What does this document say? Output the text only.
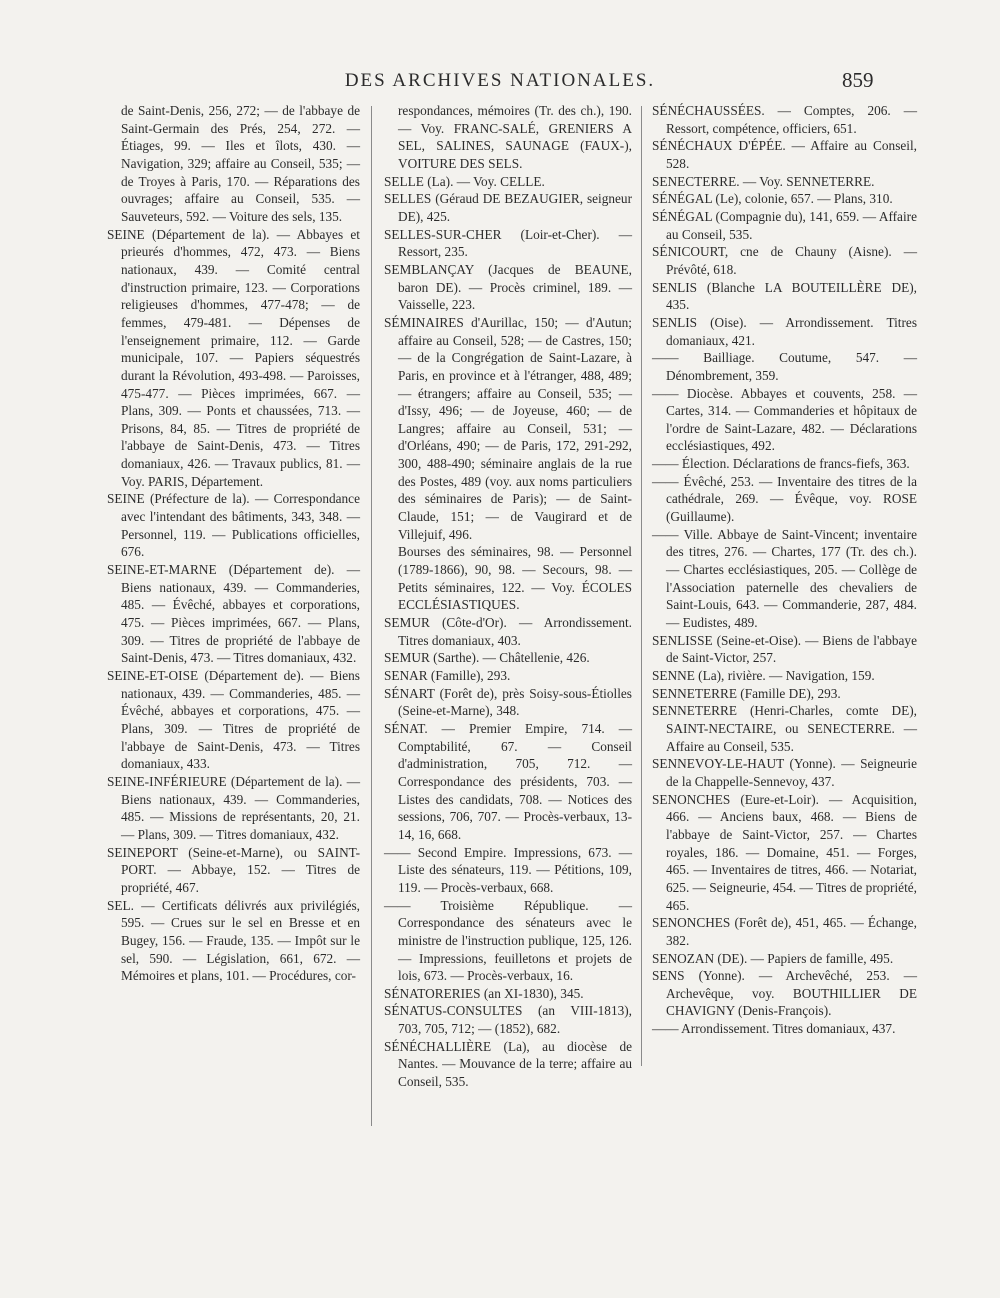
DES ARCHIVES NATIONALES.	859

de Saint-Denis, 256, 272; — de l'abbaye de Saint-Germain des Prés, 254, 272. — Étiages, 99. — Iles et îlots, 430. — Navigation, 329; affaire au Conseil, 535; — de Troyes à Paris, 170. — Réparations des ouvrages; affaire au Conseil, 535. — Sauveteurs, 592. — Voiture des sels, 135.

SEINE (Département de la). — Abbayes et prieurés d'hommes, 472, 473. — Biens nationaux, 439. — Comité central d'instruction primaire, 123. — Corporations religieuses d'hommes, 477-478; — de femmes, 479-481. — Dépenses de l'enseignement primaire, 112. — Garde municipale, 107. — Papiers séquestrés durant la Révolution, 493-498. — Paroisses, 475-477. — Pièces imprimées, 667. — Plans, 309. — Ponts et chaussées, 713. — Prisons, 84, 85. — Titres de propriété de l'abbaye de Saint-Denis, 473. — Titres domaniaux, 426. — Travaux publics, 81. — Voy. PARIS, Département.

SEINE (Préfecture de la). — Correspondance avec l'intendant des bâtiments, 343, 348. — Personnel, 119. — Publications officielles, 676.

SEINE-ET-MARNE (Département de). — Biens nationaux, 439. — Commanderies, 485. — Évêché, abbayes et corporations, 475. — Pièces imprimées, 667. — Plans, 309. — Titres de propriété de l'abbaye de Saint-Denis, 473. — Titres domaniaux, 432.

SEINE-ET-OISE (Département de). — Biens nationaux, 439. — Commanderies, 485. — Évêché, abbayes et corporations, 475. — Plans, 309. — Titres de propriété de l'abbaye de Saint-Denis, 473. — Titres domaniaux, 433.

SEINE-INFÉRIEURE (Département de la). — Biens nationaux, 439. — Commanderies, 485. — Missions de représentants, 20, 21. — Plans, 309. — Titres domaniaux, 432.

SEINEPORT (Seine-et-Marne), ou SAINT-PORT. — Abbaye, 152. — Titres de propriété, 467.

SEL. — Certificats délivrés aux privilégiés, 595. — Crues sur le sel en Bresse et en Bugey, 156. — Fraude, 135. — Impôt sur le sel, 590. — Législation, 661, 672. — Mémoires et plans, 101. — Procédures, cor-

respondances, mémoires (Tr. des ch.), 190. — Voy. FRANC-SALÉ, GRENIERS A SEL, SALINES, SAUNAGE (FAUX-), VOITURE DES SELS.

SELLE (La). — Voy. CELLE.

SELLES (Géraud DE BEZAUGIER, seigneur DE), 425.

SELLES-SUR-CHER (Loir-et-Cher). — Ressort, 235.

SEMBLANÇAY (Jacques de BEAUNE, baron DE). — Procès criminel, 189. — Vaisselle, 223.

SÉMINAIRES d'Aurillac, 150; — d'Autun; affaire au Conseil, 528; — de Castres, 150; — de la Congrégation de Saint-Lazare, à Paris, en province et à l'étranger, 488, 489; — étrangers; affaire au Conseil, 535; — d'Issy, 496; — de Joyeuse, 460; — de Langres; affaire au Conseil, 531; — d'Orléans, 490; — de Paris, 172, 291-292, 300, 488-490; séminaire anglais de la rue des Postes, 489 (voy. aux noms particuliers des séminaires de Paris); — de Saint-Claude, 151; — de Vaugirard et de Villejuif, 496.

Bourses des séminaires, 98. — Personnel (1789-1866), 90, 98. — Secours, 98. — Petits séminaires, 122. — Voy. ÉCOLES ECCLÉSIASTIQUES.

SEMUR (Côte-d'Or). — Arrondissement. Titres domaniaux, 403.

SEMUR (Sarthe). — Châtellenie, 426.

SENAR (Famille), 293.

SÉNART (Forêt de), près Soisy-sous-Étiolles (Seine-et-Marne), 348.

SÉNAT. — Premier Empire, 714. — Comptabilité, 67. — Conseil d'administration, 705, 712. — Correspondance des présidents, 703. — Listes des candidats, 708. — Notices des sessions, 706, 707. — Procès-verbaux, 13-14, 16, 668.

—— Second Empire. Impressions, 673. — Liste des sénateurs, 119. — Pétitions, 109, 119. — Procès-verbaux, 668.

—— Troisième République. — Correspondance des sénateurs avec le ministre de l'instruction publique, 125, 126. — Impressions, feuilletons et projets de lois, 673. — Procès-verbaux, 16.

SÉNATORERIES (an XI-1830), 345.

SÉNATUS-CONSULTES (an VIII-1813), 703, 705, 712; — (1852), 682.

SÉNÉCHALLIÈRE (La), au diocèse de Nantes. — Mouvance de la terre; affaire au Conseil, 535.

SÉNÉCHAUSSÉES. — Comptes, 206. — Ressort, compétence, officiers, 651.

SÉNÉCHAUX D'ÉPÉE. — Affaire au Conseil, 528.

SENECTERRE. — Voy. SENNETERRE.

SÉNÉGAL (Le), colonie, 657. — Plans, 310.

SÉNÉGAL (Compagnie du), 141, 659. — Affaire au Conseil, 535.

SÉNICOURT, cne de Chauny (Aisne). — Prévôté, 618.

SENLIS (Blanche LA BOUTEILLÈRE DE), 435.

SENLIS (Oise). — Arrondissement. Titres domaniaux, 421.

—— Bailliage. Coutume, 547. — Dénombrement, 359.

—— Diocèse. Abbayes et couvents, 258. — Cartes, 314. — Commanderies et hôpitaux de l'ordre de Saint-Lazare, 482. — Déclarations ecclésiastiques, 492.

—— Élection. Déclarations de francs-fiefs, 363.

—— Évêché, 253. — Inventaire des titres de la cathédrale, 269. — Évêque, voy. ROSE (Guillaume).

—— Ville. Abbaye de Saint-Vincent; inventaire des titres, 276. — Chartes, 177 (Tr. des ch.). — Chartes ecclésiastiques, 205. — Collège de l'Association paternelle des chevaliers de Saint-Louis, 643. — Commanderie, 287, 484. — Eudistes, 489.

SENLISSE (Seine-et-Oise). — Biens de l'abbaye de Saint-Victor, 257.

SENNE (La), rivière. — Navigation, 159.

SENNETERRE (Famille DE), 293.

SENNETERRE (Henri-Charles, comte DE), SAINT-NECTAIRE, ou SENECTERRE. — Affaire au Conseil, 535.

SENNEVOY-LE-HAUT (Yonne). — Seigneurie de la Chappelle-Sennevoy, 437.

SENONCHES (Eure-et-Loir). — Acquisition, 466. — Anciens baux, 468. — Biens de l'abbaye de Saint-Victor, 257. — Chartes royales, 186. — Domaine, 451. — Forges, 465. — Inventaires de titres, 466. — Notariat, 625. — Seigneurie, 454. — Titres de propriété, 465.

SENONCHES (Forêt de), 451, 465. — Échange, 382.

SENOZAN (DE). — Papiers de famille, 495.

SENS (Yonne). — Archevêché, 253. — Archevêque, voy. BOUTHILLIER DE CHAVIGNY (Denis-François).

—— Arrondissement. Titres domaniaux, 437.
